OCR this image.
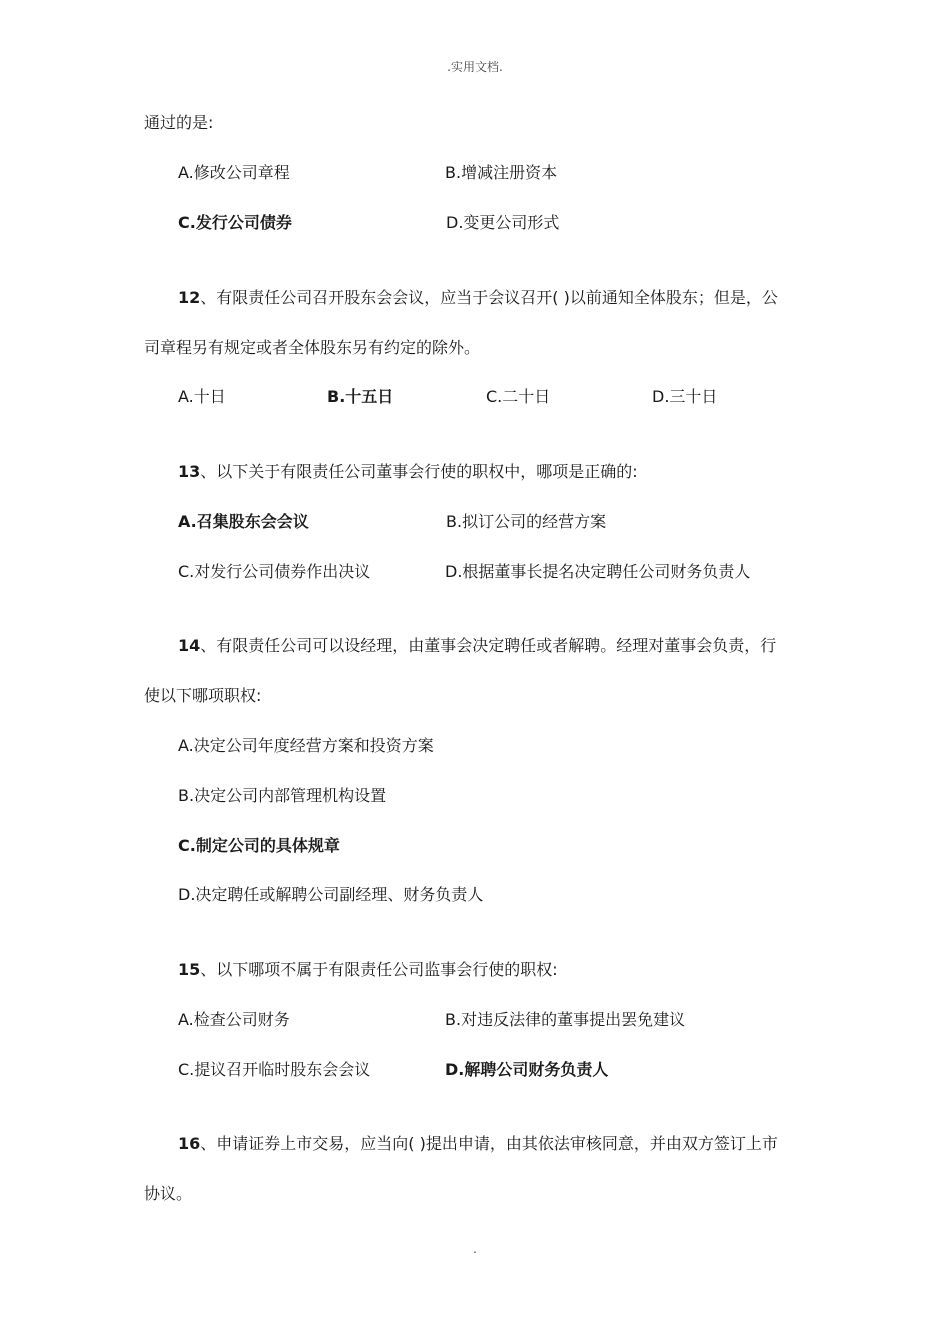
.实用文档.
通过的是:
A.修改公司章程	B.增减注册资本
C.发行公司债券	D.变更公司形式
12、有限责任公司召开股东会会议，应当于会议召开( )以前通知全体股东；但是，公
司章程另有规定或者全体股东另有约定的除外。
A.十日	B.十五日	C.二十日	D.三十日
13、以下关于有限责任公司董事会行使的职权中，哪项是正确的:
A.召集股东会会议	B.拟订公司的经营方案
C.对发行公司债券作出决议	D.根据董事长提名决定聘任公司财务负责人
14、有限责任公司可以设经理，由董事会决定聘任或者解聘。经理对董事会负责，行
使以下哪项职权:
A.决定公司年度经营方案和投资方案
B.决定公司内部管理机构设置
C.制定公司的具体规章
D.决定聘任或解聘公司副经理、财务负责人
15、以下哪项不属于有限责任公司监事会行使的职权:
A.检查公司财务	B.对违反法律的董事提出罢免建议
C.提议召开临时股东会会议	D.解聘公司财务负责人
16、申请证券上市交易，应当向( )提出申请，由其依法审核同意，并由双方签订上市
协议。
.
